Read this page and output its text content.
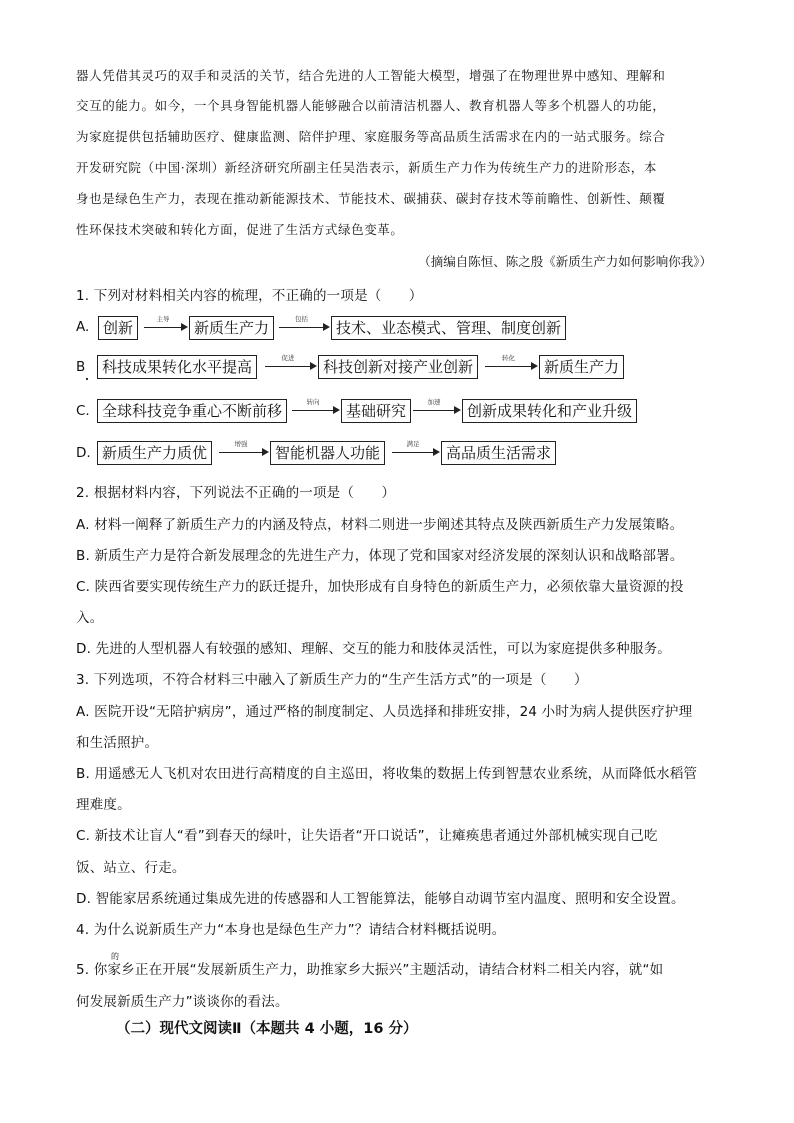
器人凭借其灵巧的双手和灵活的关节，结合先进的人工智能大模型，增强了在物理世界中感知、理解和
交互的能力。如今，一个具身智能机器人能够融合以前清洁机器人、教育机器人等多个机器人的功能，
为家庭提供包括辅助医疗、健康监测、陪伴护理、家庭服务等高品质生活需求在内的一站式服务。综合
开发研究院（中国·深圳）新经济研究所副主任吴浩表示，新质生产力作为传统生产力的进阶形态，本
身也是绿色生产力，表现在推动新能源技术、节能技术、碳捕获、碳封存技术等前瞻性、创新性、颠覆
性环保技术突破和转化方面，促进了生活方式绿色变革。
（摘编自陈恒、陈之殷《新质生产力如何影响你我》）
1. 下列对材料相关内容的梳理，不正确的一项是（　　）
A. 创新	主导	新质生产力	包括	技术、业态模式、管理、制度创新
B	科技成果转化水平提高	促进	科技创新对接产业创新	转化	新质生产力
C. 全球科技竞争重心不断前移	转向	基础研究	加速	创新成果转化和产业升级
D. 新质生产力质优	增强	智能机器人功能	满足	高品质生活需求
2. 根据材料内容，下列说法不正确的一项是（　　）
A. 材料一阐释了新质生产力的内涵及特点，材料二则进一步阐述其特点及陕西新质生产力发展策略。
B. 新质生产力是符合新发展理念的先进生产力，体现了党和国家对经济发展的深刻认识和战略部署。
C. 陕西省要实现传统生产力的跃迁提升，加快形成有自身特色的新质生产力，必须依靠大量资源的投
入。
D. 先进的人型机器人有较强的感知、理解、交互的能力和肢体灵活性，可以为家庭提供多种服务。
3. 下列选项，不符合材料三中融入了新质生产力的“生产生活方式”的一项是（　　）
A. 医院开设“无陪护病房”，通过严格的制度制定、人员选择和排班安排，24 小时为病人提供医疗护理
和生活照护。
B. 用遥感无人飞机对农田进行高精度的自主巡田，将收集的数据上传到智慧农业系统，从而降低水稻管
理难度。
C. 新技术让盲人“看”到春天的绿叶，让失语者“开口说话”，让瘫痪患者通过外部机械实现自己吃
饭、站立、行走。
D. 智能家居系统通过集成先进的传感器和人工智能算法，能够自动调节室内温度、照明和安全设置。
4. 为什么说新质生产力“本身也是绿色生产力”？请结合材料概括说明。
的
5. 你家乡正在开展“发展新质生产力，助推家乡大振兴”主题活动，请结合材料二相关内容，就“如
何发展新质生产力”谈谈你的看法。
（二）现代文阅读Ⅱ（本题共 4 小题，16 分）
